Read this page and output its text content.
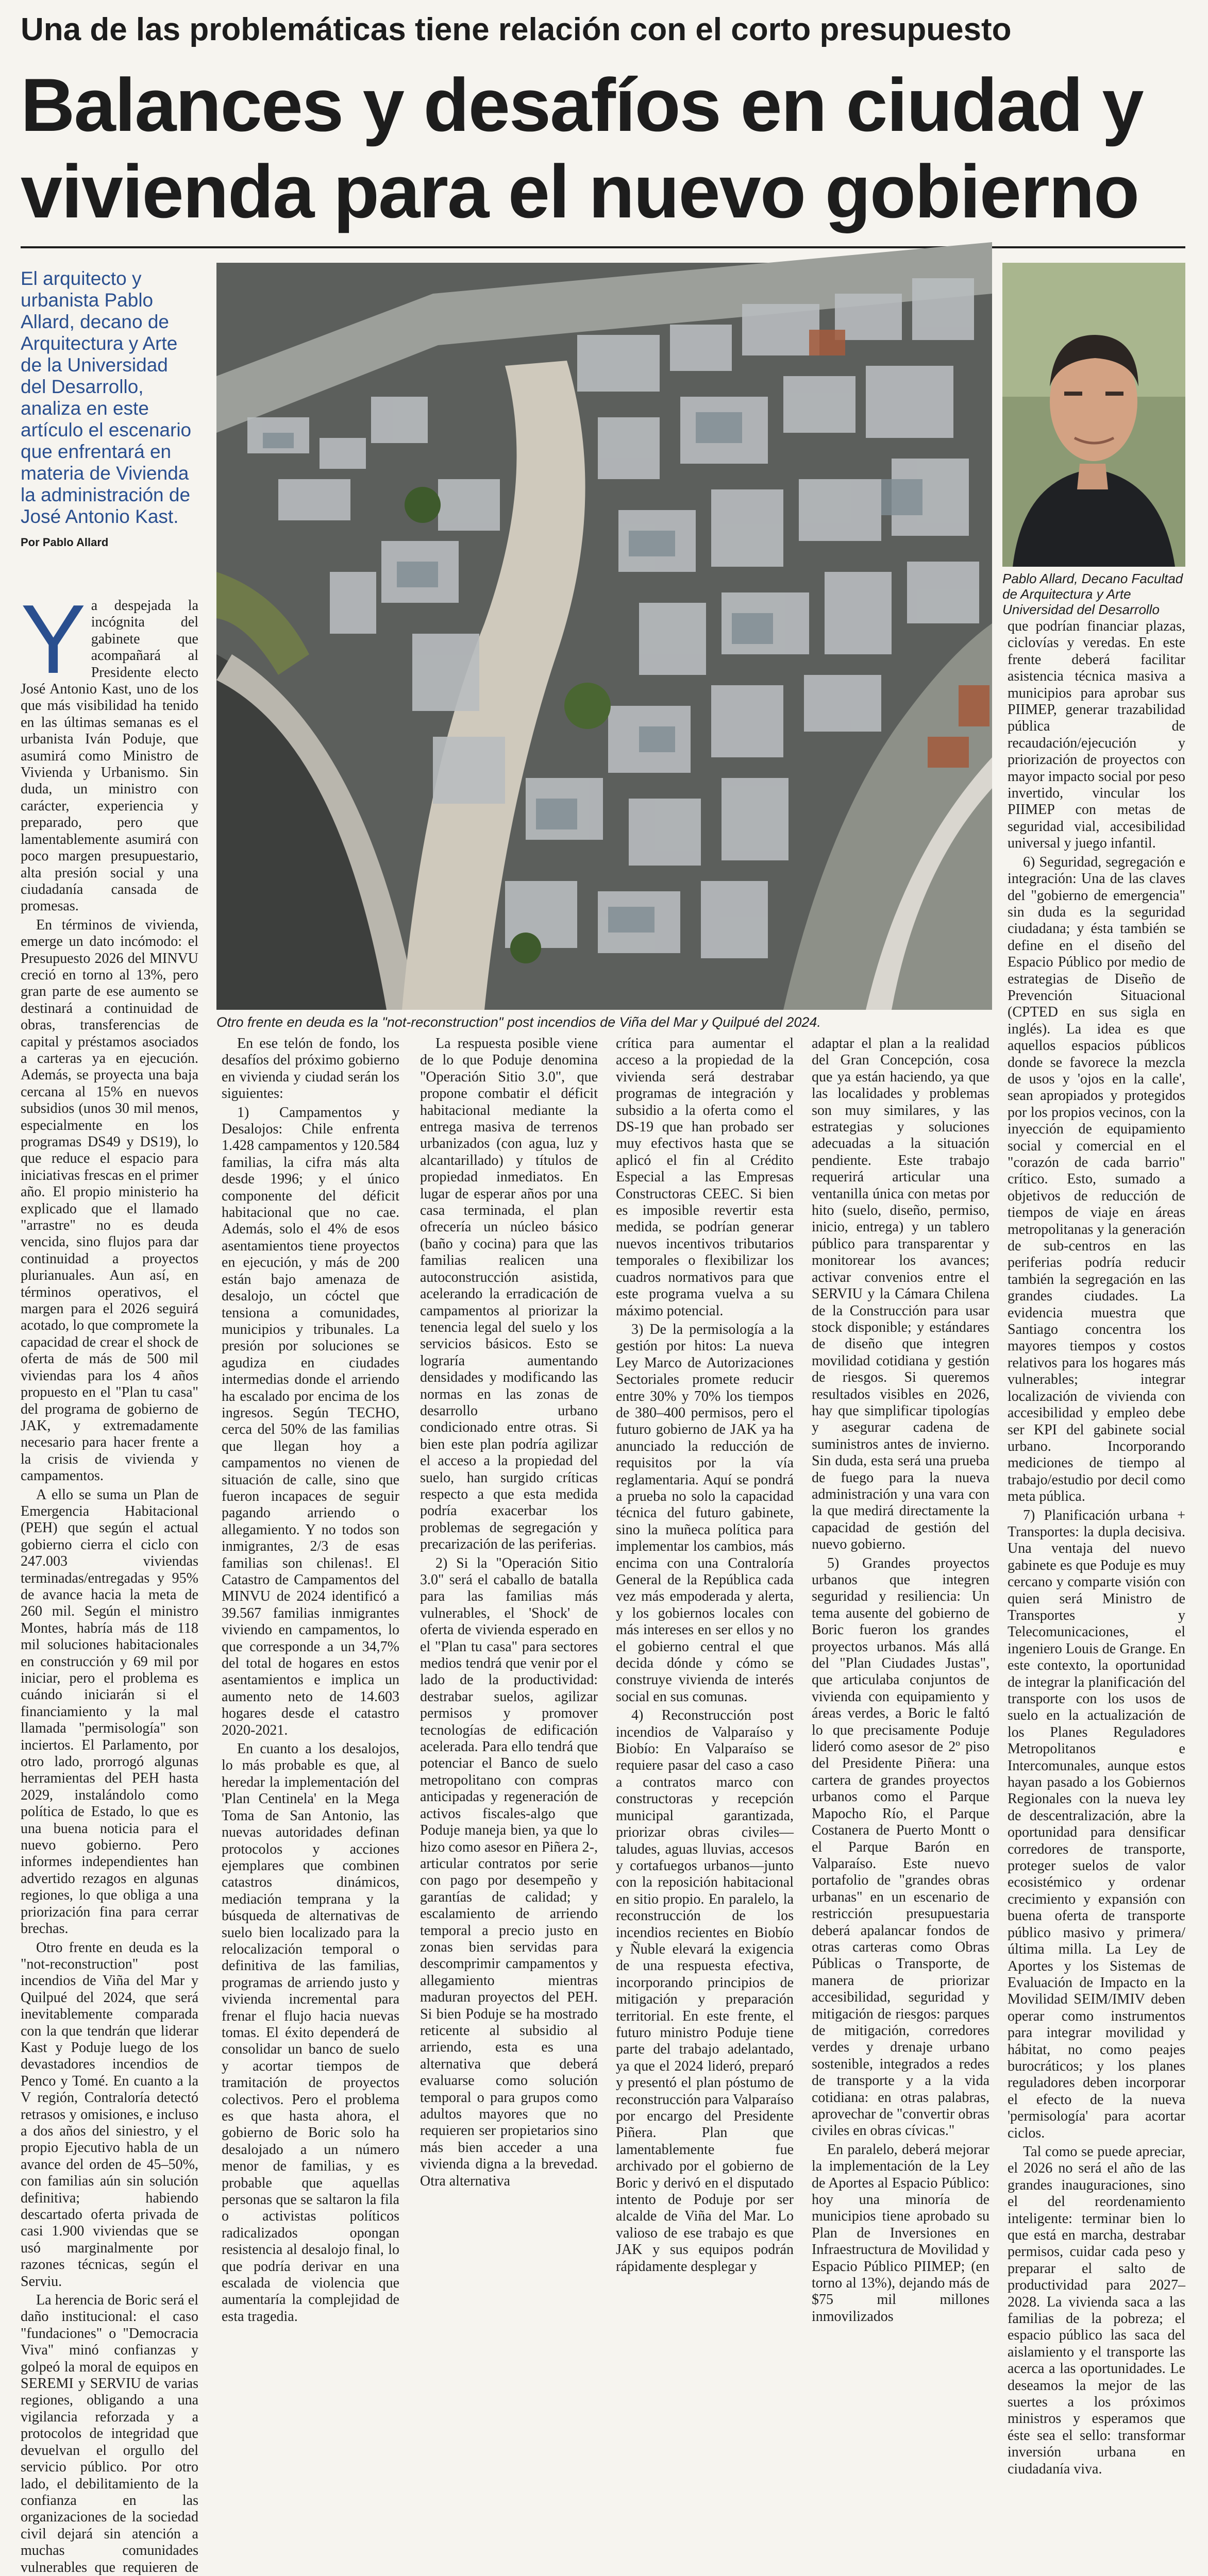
Una de las problemáticas tiene relación con el corto presupuesto
Balances y desafíos en ciudad y vivienda para el nuevo gobierno
El arquitecto y urbanista Pablo Allard, decano de Arquitectura y Arte de la Universidad del Desarrollo, analiza en este artículo el escenario que enfrentará en materia de Vivienda la administración de José Antonio Kast.
Por Pablo Allard
Otro frente en deuda es la "not-reconstruction" post incendios de Viña del Mar y Quilpué del 2024.
Pablo Allard, Decano Facultad de Arquitectura y Arte Universidad del Desarrollo

Ya despejada la incógnita del gabinete que acompañará al Presidente electo José Antonio Kast, uno de los que más visibilidad ha tenido en las últimas semanas es el urbanista Iván Poduje, que asumirá como Ministro de Vivienda y Urbanismo. Sin duda, un ministro con carácter, experiencia y preparado, pero que lamentablemente asumirá con poco margen presupuestario, alta presión social y una ciudadanía cansada de promesas.

En términos de vivienda, emerge un dato incómodo: el Presupuesto 2026 del MINVU creció en torno al 13%, pero gran parte de ese aumento se destinará a continuidad de obras, transferencias de capital y préstamos asociados a carteras ya en ejecución. Además, se proyecta una baja cercana al 15% en nuevos subsidios (unos 30 mil menos, especialmente en los programas DS49 y DS19), lo que reduce el espacio para iniciativas frescas en el primer año. El propio ministerio ha explicado que el llamado "arrastre" no es deuda vencida, sino flujos para dar continuidad a proyectos plurianuales. Aun así, en términos operativos, el margen para el 2026 seguirá acotado, lo que compromete la capacidad de crear el shock de oferta de más de 500 mil viviendas para los 4 años propuesto en el "Plan tu casa" del programa de gobierno de JAK, y extremadamente necesario para hacer frente a la crisis de vivienda y campamentos.

A ello se suma un Plan de Emergencia Habitacional (PEH) que según el actual gobierno cierra el ciclo con 247.003 viviendas terminadas/entregadas y 95% de avance hacia la meta de 260 mil. Según el ministro Montes, habría más de 118 mil soluciones habitacionales en construcción y 69 mil por iniciar, pero el problema es cuándo iniciarán si el financiamiento y la mal llamada "permisología" son inciertos. El Parlamento, por otro lado, prorrogó algunas herramientas del PEH hasta 2029, instalándolo como política de Estado, lo que es una buena noticia para el nuevo gobierno. Pero informes independientes han advertido rezagos en algunas regiones, lo que obliga a una priorización fina para cerrar brechas.

Otro frente en deuda es la "not-reconstruction" post incendios de Viña del Mar y Quilpué del 2024, que será inevitablemente comparada con la que tendrán que liderar Kast y Poduje luego de los devastadores incendios de Penco y Tomé. En cuanto a la V región, Contraloría detectó retrasos y omisiones, e incluso a dos años del siniestro, y el propio Ejecutivo habla de un avance del orden de 45–50%, con familias aún sin solución definitiva; habiendo descartado oferta privada de casi 1.900 viviendas que se usó marginalmente por razones técnicas, según el Serviu.

La herencia de Boric será el daño institucional: el caso "fundaciones" o "Democracia Viva" minó confianzas y golpeó la moral de equipos en SEREMI y SERVIU de varias regiones, obligando a una vigilancia reforzada y a protocolos de integridad que devuelvan el orgullo del servicio público. Por otro lado, el debilitamiento de la confianza en las organizaciones de la sociedad civil dejará sin atención a muchas comunidades vulnerables que requieren de

En ese telón de fondo, los desafíos del próximo gobierno en vivienda y ciudad serán los siguientes:

1) Campamentos y Desalojos: Chile enfrenta 1.428 campamentos y 120.584 familias, la cifra más alta desde 1996; y el único componente del déficit habitacional que no cae. Además, solo el 4% de esos asentamientos tiene proyectos en ejecución, y más de 200 están bajo amenaza de desalojo, un cóctel que tensiona a comunidades, municipios y tribunales. La presión por soluciones se agudiza en ciudades intermedias donde el arriendo ha escalado por encima de los ingresos. Según TECHO, cerca del 50% de las familias que llegan hoy a campamentos no vienen de situación de calle, sino que fueron incapaces de seguir pagando arriendo o allegamiento. Y no todos son inmigrantes, 2/3 de esas familias son chilenas!. El Catastro de Campamentos del MINVU de 2024 identificó a 39.567 familias inmigrantes viviendo en campamentos, lo que corresponde a un 34,7% del total de hogares en estos asentamientos e implica un aumento neto de 14.603 hogares desde el catastro 2020-2021.

En cuanto a los desalojos, lo más probable es que, al heredar la implementación del 'Plan Centinela' en la Mega Toma de San Antonio, las nuevas autoridades definan protocolos y acciones ejemplares que combinen catastros dinámicos, mediación temprana y la búsqueda de alternativas de suelo bien localizado para la relocalización temporal o definitiva de las familias, programas de arriendo justo y vivienda incremental para frenar el flujo hacia nuevas tomas. El éxito dependerá de consolidar un banco de suelo y acortar tiempos de tramitación de proyectos colectivos. Pero el problema es que hasta ahora, el gobierno de Boric solo ha desalojado a un número menor de familias, y es probable que aquellas personas que se saltaron la fila o activistas políticos radicalizados opongan resistencia al desalojo final, lo que podría derivar en una escalada de violencia que aumentaría la complejidad de esta tragedia.

La respuesta posible viene de lo que Poduje denomina "Operación Sitio 3.0", que propone combatir el déficit habitacional mediante la entrega masiva de terrenos urbanizados (con agua, luz y alcantarillado) y títulos de propiedad inmediatos. En lugar de esperar años por una casa terminada, el plan ofrecería un núcleo básico (baño y cocina) para que las familias realicen una autoconstrucción asistida, acelerando la erradicación de campamentos al priorizar la tenencia legal del suelo y los servicios básicos. Esto se lograría aumentando densidades y modificando las normas en las zonas de desarrollo urbano condicionado entre otras. Si bien este plan podría agilizar el acceso a la propiedad del suelo, han surgido críticas respecto a que esta medida podría exacerbar los problemas de segregación y precarización de las periferias.

2) Si la "Operación Sitio 3.0" será el caballo de batalla para las familias más vulnerables, el 'Shock' de oferta de vivienda esperado en el "Plan tu casa" para sectores medios tendrá que venir por el lado de la productividad: destrabar suelos, agilizar permisos y promover tecnologías de edificación acelerada. Para ello tendrá que potenciar el Banco de suelo metropolitano con compras anticipadas y regeneración de activos fiscales-algo que Poduje maneja bien, ya que lo hizo como asesor en Piñera 2-, articular contratos por serie con pago por desempeño y garantías de calidad; y escalamiento de arriendo temporal a precio justo en zonas bien servidas para descomprimir campamentos y allegamiento mientras maduran proyectos del PEH. Si bien Poduje se ha mostrado reticente al subsidio al arriendo, esta es una alternativa que deberá evaluarse como solución temporal o para grupos como adultos mayores que no requieren ser propietarios sino más bien acceder a una vivienda digna a la brevedad. Otra alternativa

crítica para aumentar el acceso a la propiedad de la vivienda será destrabar programas de integración y subsidio a la oferta como el DS-19 que han probado ser muy efectivos hasta que se aplicó el fin al Crédito Especial a las Empresas Constructoras CEEC. Si bien es imposible revertir esta medida, se podrían generar nuevos incentivos tributarios temporales o flexibilizar los cuadros normativos para que este programa vuelva a su máximo potencial.

3) De la permisología a la gestión por hitos: La nueva Ley Marco de Autorizaciones Sectoriales promete reducir entre 30% y 70% los tiempos de 380–400 permisos, pero el futuro gobierno de JAK ya ha anunciado la reducción de requisitos por la vía reglamentaria. Aquí se pondrá a prueba no solo la capacidad técnica del futuro gabinete, sino la muñeca política para implementar los cambios, más encima con una Contraloría General de la República cada vez más empoderada y alerta, y los gobiernos locales con más intereses en ser ellos y no el gobierno central el que decida dónde y cómo se construye vivienda de interés social en sus comunas.

4) Reconstrucción post incendios de Valparaíso y Biobío: En Valparaíso se requiere pasar del caso a caso a contratos marco con constructoras y recepción municipal garantizada, priorizar obras civiles—taludes, aguas lluvias, accesos y cortafuegos urbanos—junto con la reposición habitacional en sitio propio. En paralelo, la reconstrucción de los incendios recientes en Biobío y Ñuble elevará la exigencia de una respuesta efectiva, incorporando principios de mitigación y preparación territorial. En este frente, el futuro ministro Poduje tiene parte del trabajo adelantado, ya que el 2024 lideró, preparó y presentó el plan póstumo de reconstrucción para Valparaíso por encargo del Presidente Piñera. Plan que lamentablemente fue archivado por el gobierno de Boric y derivó en el disputado intento de Poduje por ser alcalde de Viña del Mar. Lo valioso de ese trabajo es que JAK y sus equipos podrán rápidamente desplegar y

adaptar el plan a la realidad del Gran Concepción, cosa que ya están haciendo, ya que las localidades y problemas son muy similares, y las estrategias y soluciones adecuadas a la situación pendiente. Este trabajo requerirá articular una ventanilla única con metas por hito (suelo, diseño, permiso, inicio, entrega) y un tablero público para transparentar y monitorear los avances; activar convenios entre el SERVIU y la Cámara Chilena de la Construcción para usar stock disponible; y estándares de diseño que integren movilidad cotidiana y gestión de riesgos. Si queremos resultados visibles en 2026, hay que simplificar tipologías y asegurar cadena de suministros antes de invierno. Sin duda, esta será una prueba de fuego para la nueva administración y una vara con la que medirá directamente la capacidad de gestión del nuevo gobierno.

5) Grandes proyectos urbanos que integren seguridad y resiliencia: Un tema ausente del gobierno de Boric fueron los grandes proyectos urbanos. Más allá del "Plan Ciudades Justas", que articulaba conjuntos de vivienda con equipamiento y áreas verdes, a Boric le faltó lo que precisamente Poduje lideró como asesor de 2º piso del Presidente Piñera: una cartera de grandes proyectos urbanos como el Parque Mapocho Río, el Parque Costanera de Puerto Montt o el Parque Barón en Valparaíso. Este nuevo portafolio de "grandes obras urbanas" en un escenario de restricción presupuestaria deberá apalancar fondos de otras carteras como Obras Públicas o Transporte, de manera de priorizar accesibilidad, seguridad y mitigación de riesgos: parques de mitigación, corredores verdes y drenaje urbano sostenible, integrados a redes de transporte y a la vida cotidiana: en otras palabras, aprovechar de "convertir obras civiles en obras cívicas."

En paralelo, deberá mejorar la implementación de la Ley de Aportes al Espacio Público: hoy una minoría de municipios tiene aprobado su Plan de Inversiones en Infraestructura de Movilidad y Espacio Público PIIMEP; (en torno al 13%), dejando más de $75 mil millones inmovilizados

que podrían financiar plazas, ciclovías y veredas. En este frente deberá facilitar asistencia técnica masiva a municipios para aprobar sus PIIMEP, generar trazabilidad pública de recaudación/ejecución y priorización de proyectos con mayor impacto social por peso invertido, vincular los PIIMEP con metas de seguridad vial, accesibilidad universal y juego infantil.

6) Seguridad, segregación e integración: Una de las claves del "gobierno de emergencia" sin duda es la seguridad ciudadana; y ésta también se define en el diseño del Espacio Público por medio de estrategias de Diseño de Prevención Situacional (CPTED en sus sigla en inglés). La idea es que aquellos espacios públicos donde se favorece la mezcla de usos y 'ojos en la calle', sean apropiados y protegidos por los propios vecinos, con la inyección de equipamiento social y comercial en el "corazón de cada barrio" crítico. Esto, sumado a objetivos de reducción de tiempos de viaje en áreas metropolitanas y la generación de sub-centros en las periferias podría reducir también la segregación en las grandes ciudades. La evidencia muestra que Santiago concentra los mayores tiempos y costos relativos para los hogares más vulnerables; integrar localización de vivienda con accesibilidad y empleo debe ser KPI del gabinete social urbano. Incorporando mediciones de tiempo al trabajo/estudio por decil como meta pública.

7) Planificación urbana + Transportes: la dupla decisiva. Una ventaja del nuevo gabinete es que Poduje es muy cercano y comparte visión con quien será Ministro de Transportes y Telecomunicaciones, el ingeniero Louis de Grange. En este contexto, la oportunidad de integrar la planificación del transporte con los usos de suelo en la actualización de los Planes Reguladores Metropolitanos e Intercomunales, aunque estos hayan pasado a los Gobiernos Regionales con la nueva ley de descentralización, abre la oportunidad para densificar corredores de transporte, proteger suelos de valor ecosistémico y ordenar crecimiento y expansión con buena oferta de transporte público masivo y primera/última milla. La Ley de Aportes y los Sistemas de Evaluación de Impacto en la Movilidad SEIM/IMIV deben operar como instrumentos para integrar movilidad y hábitat, no como peajes burocráticos; y los planes reguladores deben incorporar el efecto de la nueva 'permisología' para acortar ciclos.

Tal como se puede apreciar, el 2026 no será el año de las grandes inauguraciones, sino el del reordenamiento inteligente: terminar bien lo que está en marcha, destrabar permisos, cuidar cada peso y preparar el salto de productividad para 2027–2028. La vivienda saca a las familias de la pobreza; el espacio público las saca del aislamiento y el transporte las acerca a las oportunidades. Le deseamos la mejor de las suertes a los próximos ministros y esperamos que éste sea el sello: transformar inversión urbana en ciudadanía viva.
